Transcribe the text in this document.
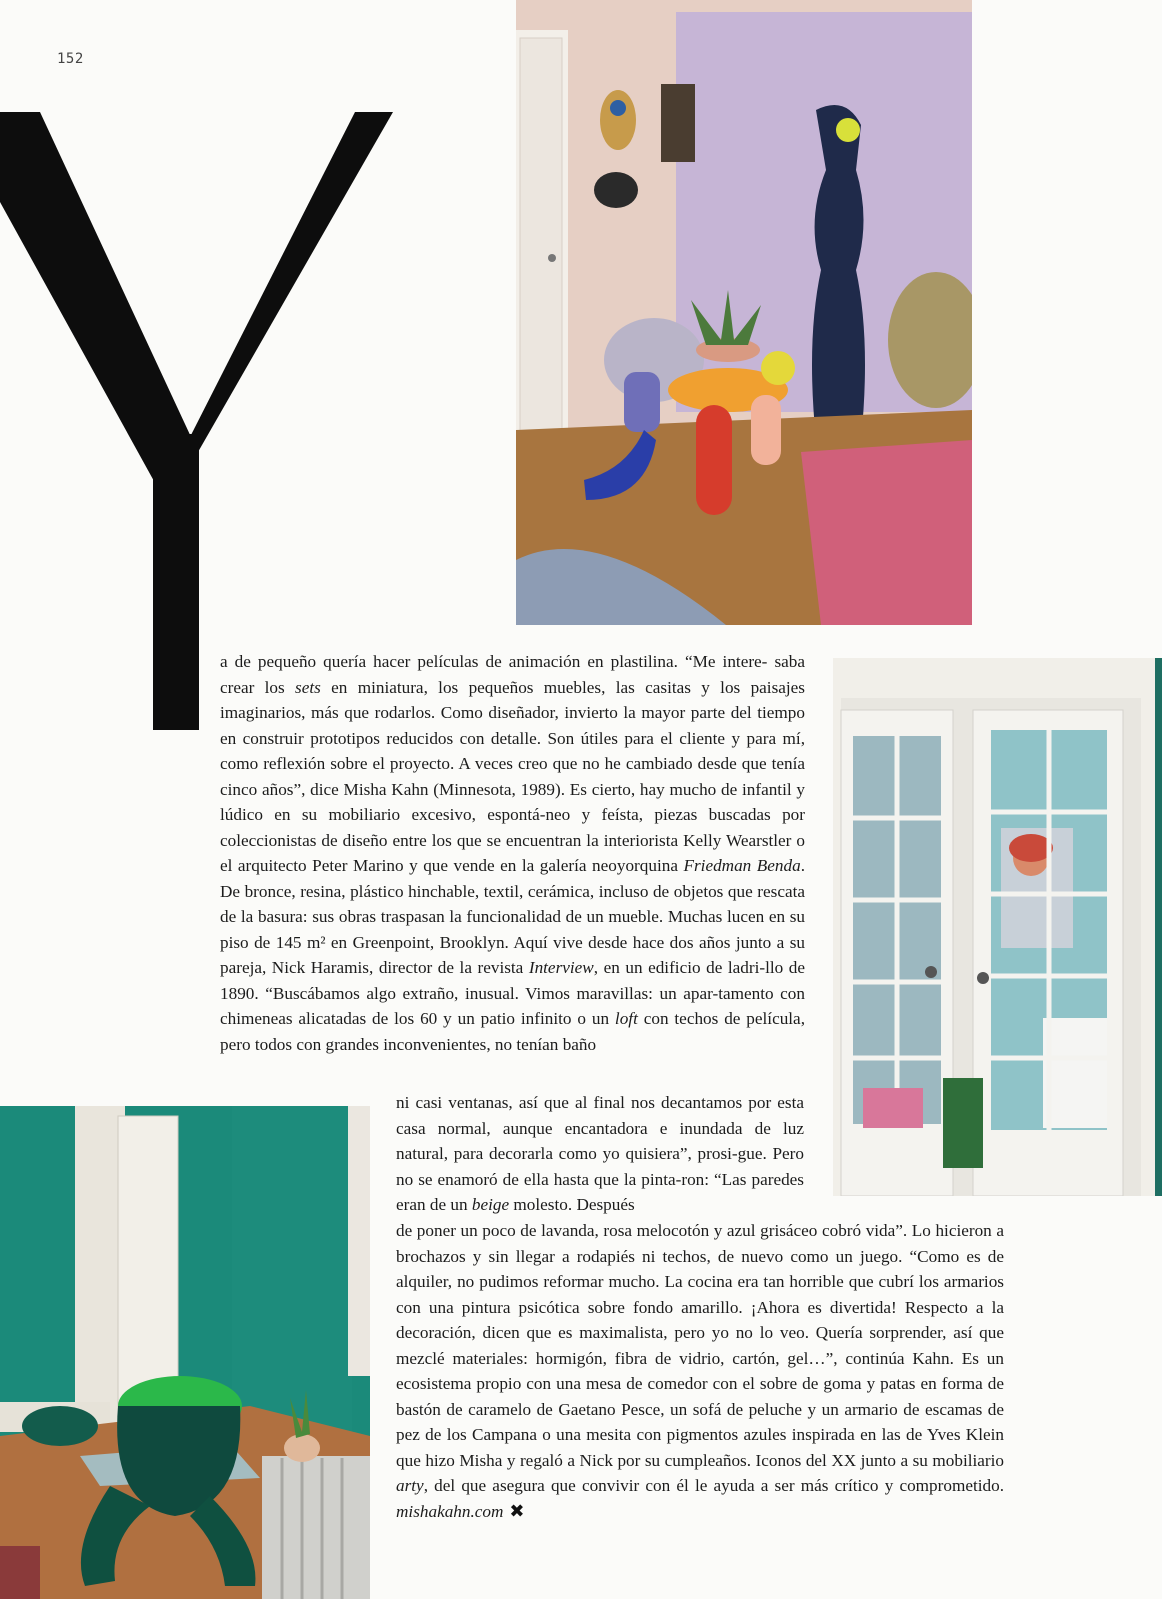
152

a de pequeño quería hacer películas de animación en plastilina. “Me intere- saba crear los sets en miniatura, los pequeños muebles, las casitas y los paisajes imaginarios, más que rodarlos. Como diseñador, invierto la mayor parte del tiempo en construir prototipos reducidos con detalle. Son útiles para el cliente y para mí, como reflexión sobre el proyecto. A veces creo que no he cambiado desde que tenía cinco años”, dice Misha Kahn (Minnesota, 1989). Es cierto, hay mucho de infantil y lúdico en su mobiliario excesivo, espontá-neo y feísta, piezas buscadas por coleccionistas de diseño entre los que se encuentran la interiorista Kelly Wearstler o el arquitecto Peter Marino y que vende en la galería neoyorquina Friedman Benda. De bronce, resina, plástico hinchable, textil, cerámica, incluso de objetos que rescata de la basura: sus obras traspasan la funcionalidad de un mueble. Muchas lucen en su piso de 145 m² en Greenpoint, Brooklyn. Aquí vive desde hace dos años junto a su pareja, Nick Haramis, director de la revista Interview, en un edificio de ladri-llo de 1890. “Buscábamos algo extraño, inusual. Vimos maravillas: un apar-tamento con chimeneas alicatadas de los 60 y un patio infinito o un loft con techos de película, pero todos con grandes inconvenientes, no tenían baño

ni casi ventanas, así que al final nos decantamos por esta casa normal, aunque encantadora e inundada de luz natural, para decorarla como yo quisiera”, prosi-gue. Pero no se enamoró de ella hasta que la pinta-ron: “Las paredes eran de un beige molesto. Después

de poner un poco de lavanda, rosa melocotón y azul grisáceo cobró vida”. Lo hicieron a brochazos y sin llegar a rodapiés ni techos, de nuevo como un juego. “Como es de alquiler, no pudimos reformar mucho. La cocina era tan horrible que cubrí los armarios con una pintura psicótica sobre fondo amarillo. ¡Ahora es divertida! Respecto a la decoración, dicen que es maximalista, pero yo no lo veo. Quería sorprender, así que mezclé materiales: hormigón, fibra de vidrio, cartón, gel…”, continúa Kahn. Es un ecosistema propio con una mesa de comedor con el sobre de goma y patas en forma de bastón de caramelo de Gaetano Pesce, un sofá de peluche y un armario de escamas de pez de los Campana o una mesita con pigmentos azules inspirada en las de Yves Klein que hizo Misha y regaló a Nick por su cumpleaños. Iconos del XX junto a su mobiliario arty, del que asegura que convivir con él le ayuda a ser más crítico y comprometido. mishakahn.com ✖
